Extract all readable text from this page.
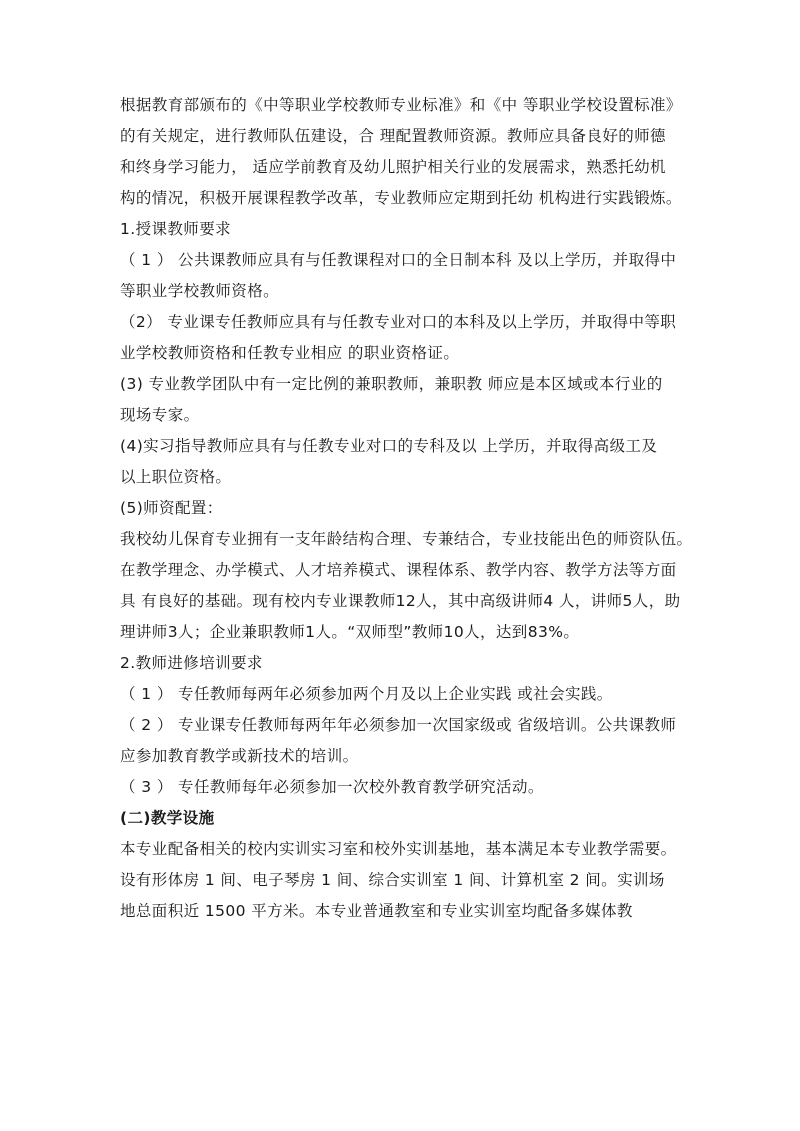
根据教育部颁布的《中等职业学校教师专业标准》和《中 等职业学校设置标准》
的有关规定，进行教师队伍建设，合 理配置教师资源。教师应具备良好的师德
和终身学习能力， 适应学前教育及幼儿照护相关行业的发展需求，熟悉托幼机
构的情况，积极开展课程教学改革，专业教师应定期到托幼 机构进行实践锻炼。
1.授课教师要求
（ 1 ） 公共课教师应具有与任教课程对口的全日制本科 及以上学历，并取得中
等职业学校教师资格。
（2） 专业课专任教师应具有与任教专业对口的本科及以上学历，并取得中等职
业学校教师资格和任教专业相应 的职业资格证。
(3) 专业教学团队中有一定比例的兼职教师，兼职教 师应是本区域或本行业的
现场专家。
(4)实习指导教师应具有与任教专业对口的专科及以 上学历，并取得高级工及
以上职位资格。
(5)师资配置：
我校幼儿保育专业拥有一支年龄结构合理、专兼结合，专业技能出色的师资队伍。
在教学理念、办学模式、人才培养模式、课程体系、教学内容、教学方法等方面
具 有良好的基础。现有校内专业课教师12人，其中高级讲师4 人，讲师5人，助
理讲师3人；企业兼职教师1人。“双师型”教师10人，达到83%。
2.教师进修培训要求
（ 1 ） 专任教师每两年必须参加两个月及以上企业实践 或社会实践。
（ 2 ） 专业课专任教师每两年年必须参加一次国家级或 省级培训。公共课教师
应参加教育教学或新技术的培训。
（ 3 ） 专任教师每年必须参加一次校外教育教学研究活动。
(二)教学设施
本专业配备相关的校内实训实习室和校外实训基地，基本满足本专业教学需要。
设有形体房 1 间、电子琴房 1 间、综合实训室 1 间、计算机室 2 间。实训场
地总面积近 1500 平方米。本专业普通教室和专业实训室均配备多媒体教
